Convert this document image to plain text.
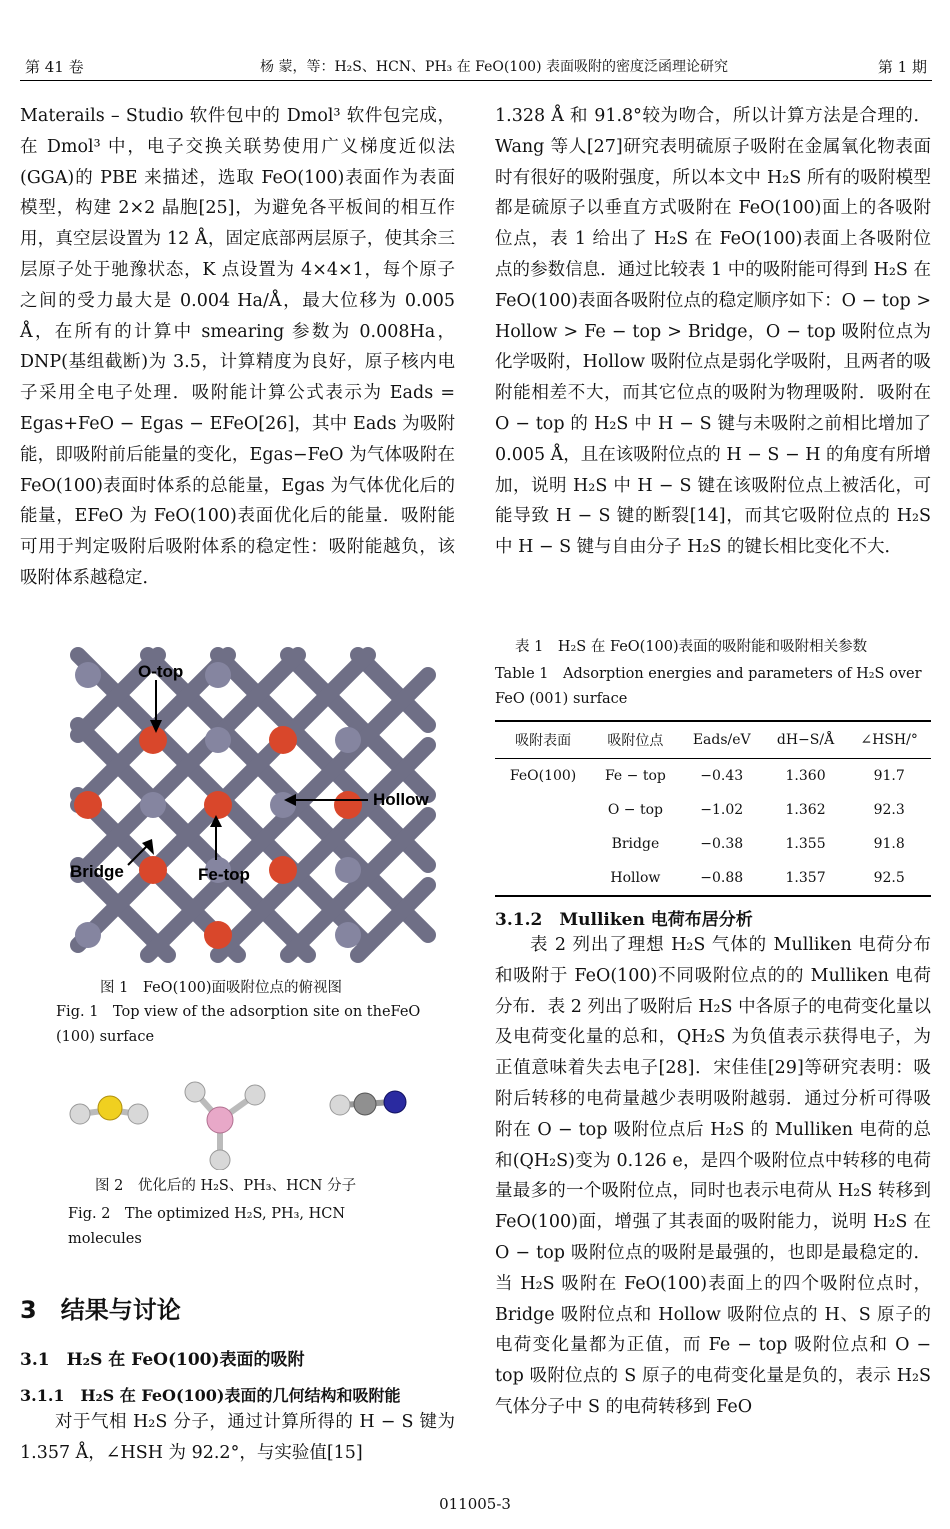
第 41 卷	杨 蒙，等：H₂S、HCN、PH₃ 在 FeO(100) 表面吸附的密度泛函理论研究	第 1 期

Materails – Studio 软件包中的 Dmol³ 软件包完成，在 Dmol³ 中，电子交换关联势使用广义梯度近似法(GGA)的 PBE 来描述，选取 FeO(100)表面作为表面模型，构建 2×2 晶胞[25]，为避免各平板间的相互作用，真空层设置为 12 Å，固定底部两层原子，使其余三层原子处于驰豫状态，K 点设置为 4×4×1，每个原子之间的受力最大是 0.004 Ha/Å，最大位移为 0.005 Å，在所有的计算中 smearing 参数为 0.008Ha，DNP(基组截断)为 3.5，计算精度为良好，原子核内电子采用全电子处理．吸附能计算公式表示为 Eads = Egas+FeO − Egas − EFeO[26]，其中 Eads 为吸附能，即吸附前后能量的变化，Egas−FeO 为气体吸附在 FeO(100)表面时体系的总能量，Egas 为气体优化后的能量，EFeO 为 FeO(100)表面优化后的能量．吸附能可用于判定吸附后吸附体系的稳定性：吸附能越负，该吸附体系越稳定．

O-top
Hollow
Bridge	Fe-top
图 1　FeO(100)面吸附位点的俯视图
Fig. 1　Top view of the adsorption site on theFeO (100) surface
图 2　优化后的 H₂S、PH₃、HCN 分子
Fig. 2　The optimized H₂S, PH₃, HCN molecules
3　结果与讨论
3.1　H₂S 在 FeO(100)表面的吸附
3.1.1　H₂S 在 FeO(100)表面的几何结构和吸附能

对于气相 H₂S 分子，通过计算所得的 H − S 键为 1.357 Å，∠HSH 为 92.2°，与实验值[15]

1.328 Å 和 91.8°较为吻合，所以计算方法是合理的．Wang 等人[27]研究表明硫原子吸附在金属氧化物表面时有很好的吸附强度，所以本文中 H₂S 所有的吸附模型都是硫原子以垂直方式吸附在 FeO(100)面上的各吸附位点，表 1 给出了 H₂S 在 FeO(100)表面上各吸附位点的参数信息．通过比较表 1 中的吸附能可得到 H₂S 在 FeO(100)表面各吸附位点的稳定顺序如下：O − top > Hollow > Fe − top > Bridge，O − top 吸附位点为化学吸附，Hollow 吸附位点是弱化学吸附，且两者的吸附能相差不大，而其它位点的吸附为物理吸附．吸附在 O − top 的 H₂S 中 H − S 键与未吸附之前相比增加了 0.005 Å，且在该吸附位点的 H − S − H 的角度有所增加，说明 H₂S 中 H − S 键在该吸附位点上被活化，可能导致 H − S 键的断裂[14]，而其它吸附位点的 H₂S 中 H − S 键与自由分子 H₂S 的键长相比变化不大．

表 1　H₂S 在 FeO(100)表面的吸附能和吸附相关参数
Table 1　Adsorption energies and parameters of H₂S over FeO (001) surface
吸附表面	吸附位点	Eads/eV	dH−S/Å	∠HSH/°
FeO(100)	Fe − top	−0.43	1.360	91.7
	O − top	−1.02	1.362	92.3
	Bridge	−0.38	1.355	91.8
	Hollow	−0.88	1.357	92.5
3.1.2　Mulliken 电荷布居分析

表 2 列出了理想 H₂S 气体的 Mulliken 电荷分布和吸附于 FeO(100)不同吸附位点的的 Mulliken 电荷分布．表 2 列出了吸附后 H₂S 中各原子的电荷变化量以及电荷变化量的总和，QH₂S 为负值表示获得电子，为正值意味着失去电子[28]．宋佳佳[29]等研究表明：吸附后转移的电荷量越少表明吸附越弱．通过分析可得吸附在 O − top 吸附位点后 H₂S 的 Mulliken 电荷的总和(QH₂S)变为 0.126 e，是四个吸附位点中转移的电荷量最多的一个吸附位点，同时也表示电荷从 H₂S 转移到 FeO(100)面，增强了其表面的吸附能力，说明 H₂S 在 O − top 吸附位点的吸附是最强的，也即是最稳定的．当 H₂S 吸附在 FeO(100)表面上的四个吸附位点时，Bridge 吸附位点和 Hollow 吸附位点的 H、S 原子的电荷变化量都为正值，而 Fe − top 吸附位点和 O − top 吸附位点的 S 原子的电荷变化量是负的，表示 H₂S 气体分子中 S 的电荷转移到 FeO

011005-3
